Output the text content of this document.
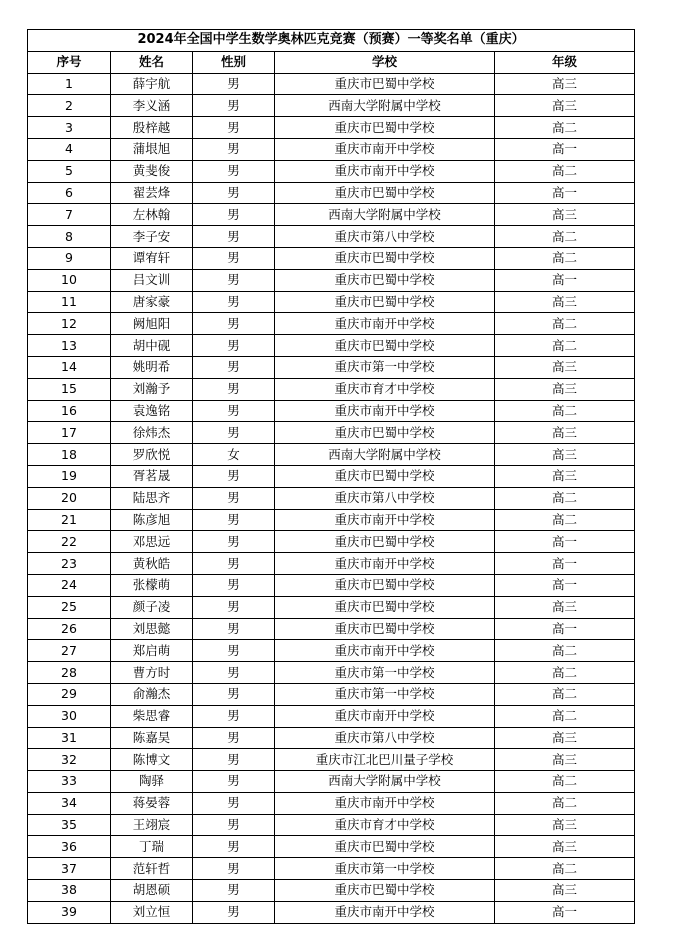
2024年全国中学生数学奥林匹克竞赛（预赛）一等奖名单（重庆）				
序号	姓名	性别	学校	年级
1	薛宇航	男	重庆市巴蜀中学校	高三
2	李义涵	男	西南大学附属中学校	高三
3	殷梓越	男	重庆市巴蜀中学校	高二
4	蒲垠旭	男	重庆市南开中学校	高一
5	黄斐俊	男	重庆市南开中学校	高二
6	翟芸烽	男	重庆市巴蜀中学校	高一
7	左林翰	男	西南大学附属中学校	高三
8	李子安	男	重庆市第八中学校	高二
9	谭宥轩	男	重庆市巴蜀中学校	高二
10	吕文训	男	重庆市巴蜀中学校	高一
11	唐家豪	男	重庆市巴蜀中学校	高三
12	阙旭阳	男	重庆市南开中学校	高二
13	胡中砚	男	重庆市巴蜀中学校	高二
14	姚明希	男	重庆市第一中学校	高三
15	刘瀚予	男	重庆市育才中学校	高三
16	袁逸铭	男	重庆市南开中学校	高二
17	徐炜杰	男	重庆市巴蜀中学校	高三
18	罗欣悦	女	西南大学附属中学校	高三
19	胥茗晟	男	重庆市巴蜀中学校	高三
20	陆思齐	男	重庆市第八中学校	高二
21	陈彦旭	男	重庆市南开中学校	高二
22	邓思远	男	重庆市巴蜀中学校	高一
23	黄秋皓	男	重庆市南开中学校	高一
24	张檬萌	男	重庆市巴蜀中学校	高一
25	颜子凌	男	重庆市巴蜀中学校	高三
26	刘思懿	男	重庆市巴蜀中学校	高一
27	郑启萌	男	重庆市南开中学校	高二
28	曹方时	男	重庆市第一中学校	高二
29	俞瀚杰	男	重庆市第一中学校	高二
30	柴思睿	男	重庆市南开中学校	高二
31	陈嘉昊	男	重庆市第八中学校	高三
32	陈博文	男	重庆市江北巴川量子学校	高三
33	陶驿	男	西南大学附属中学校	高二
34	蒋晏蓉	男	重庆市南开中学校	高二
35	王翊宸	男	重庆市育才中学校	高三
36	丁瑞	男	重庆市巴蜀中学校	高三
37	范轩哲	男	重庆市第一中学校	高二
38	胡恩硕	男	重庆市巴蜀中学校	高三
39	刘立恒	男	重庆市南开中学校	高一
